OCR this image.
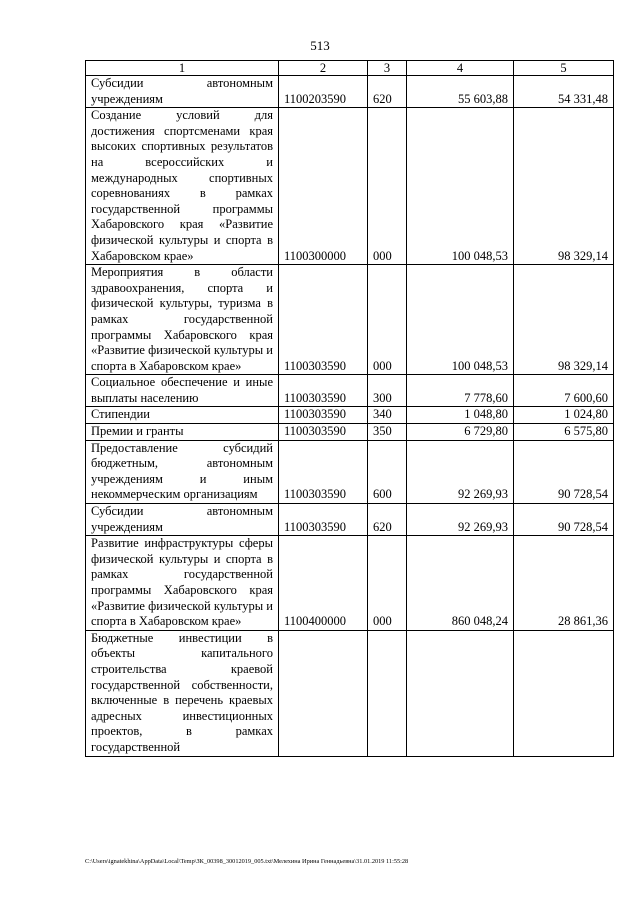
513
1	2	3	4	5
Субсидии автономным учреждениям	1100203590	620	55 603,88	54 331,48
Создание условий для достижения спортсменами края высоких спортивных результатов на всероссийских и международных спортивных соревнованиях в рамках государственной программы Хабаровского края «Развитие физической культуры и спорта в Хабаровском крае»	1100300000	000	100 048,53	98 329,14
Мероприятия в области здравоохранения, спорта и физической культуры, туризма в рамках государственной программы Хабаровского края «Развитие физической культуры и спорта в Хабаровском крае»	1100303590	000	100 048,53	98 329,14
Социальное обеспечение и иные выплаты населению	1100303590	300	7 778,60	7 600,60
Стипендии	1100303590	340	1 048,80	1 024,80
Премии и гранты	1100303590	350	6 729,80	6 575,80
Предоставление субсидий бюджетным, автономным учреждениям и иным некоммерческим организациям	1100303590	600	92 269,93	90 728,54
Субсидии автономным учреждениям	1100303590	620	92 269,93	90 728,54
Развитие инфраструктуры сферы физической культуры и спорта в рамках государственной программы Хабаровского края «Развитие физической культуры и спорта в Хабаровском крае»	1100400000	000	860 048,24	28 861,36
Бюджетные инвестиции в объекты капитального строительства краевой государственной собственности, включенные в перечень краевых адресных инвестиционных проектов, в рамках государственной				
C:\Users\ignatekhina\AppData\Local\Temp\ЗК_00398_30012019_005.txt\Мелехина Ирина Геннадьевна\31.01.2019 11:55:28
